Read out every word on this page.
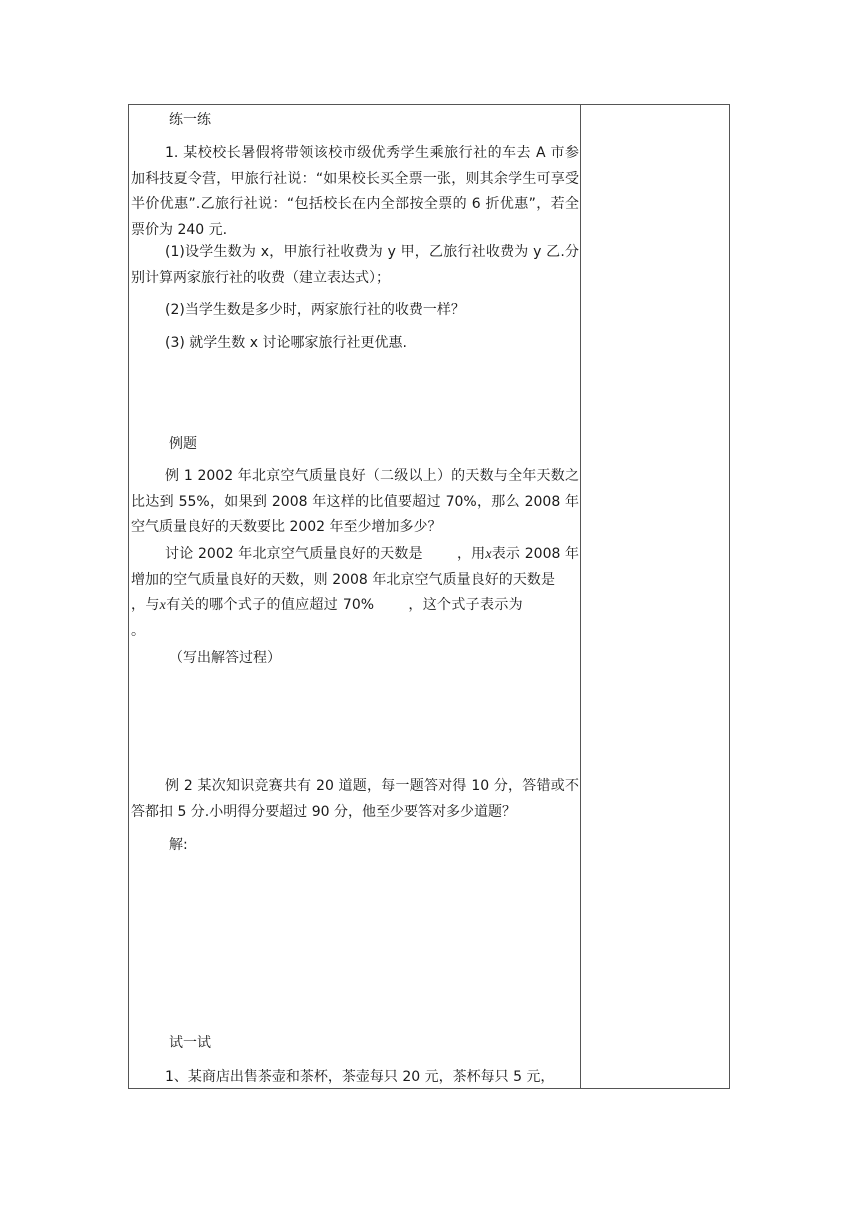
练一练
1. 某校校长暑假将带领该校市级优秀学生乘旅行社的车去 A 市参加科技夏令营，甲旅行社说：“如果校长买全票一张，则其余学生可享受半价优惠”.乙旅行社说：“包括校长在内全部按全票的 6 折优惠”，若全票价为 240 元.
(1)设学生数为 x，甲旅行社收费为 y 甲，乙旅行社收费为 y 乙.分别计算两家旅行社的收费（建立表达式）；
(2)当学生数是多少时，两家旅行社的收费一样？
(3) 就学生数 x 讨论哪家旅行社更优惠.
例题
例 1 2002 年北京空气质量良好（二级以上）的天数与全年天数之比达到 55%，如果到 2008 年这样的比值要超过 70%，那么 2008 年空气质量良好的天数要比 2002 年至少增加多少？
讨论 2002 年北京空气质量良好的天数是 ，用x表示 2008 年增加的空气质量良好的天数，则 2008 年北京空气质量良好的天数是，与x有关的哪个式子的值应超过 70% ，这个式子表示为。
（写出解答过程）
例 2 某次知识竞赛共有 20 道题，每一题答对得 10 分，答错或不答都扣 5 分.小明得分要超过 90 分，他至少要答对多少道题？
解:
试一试
1、某商店出售茶壶和茶杯，茶壶每只 20 元，茶杯每只 5 元，
